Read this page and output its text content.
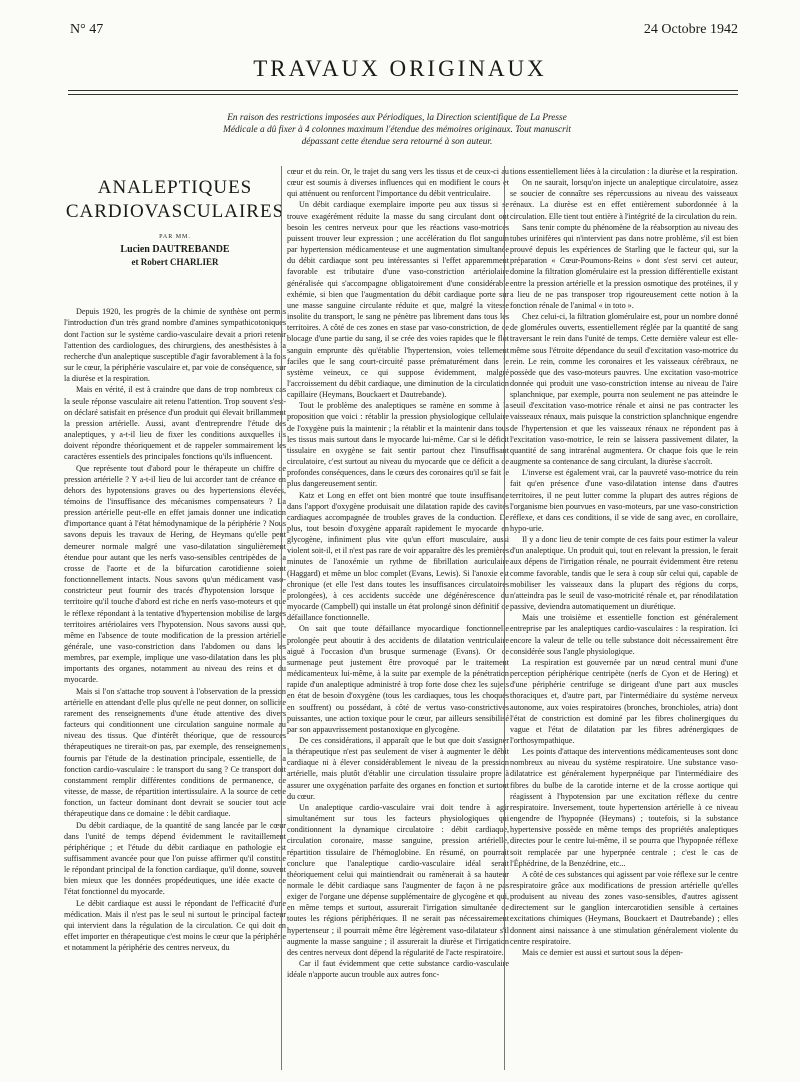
N° 47	24 Octobre 1942
TRAVAUX ORIGINAUX
En raison des restrictions imposées aux Périodiques, la Direction scientifique de La Presse Médicale a dû fixer à 4 colonnes maximum l'étendue des mémoires originaux. Tout manuscrit dépassant cette étendue sera retourné à son auteur.
ANALEPTIQUES
CARDIOVASCULAIRES
PAR MM.
Lucien DAUTREBANDE
et Robert CHARLIER

Depuis 1920, les progrès de la chimie de synthèse ont permis l'introduction d'un très grand nombre d'amines sympathicotoniques dont l'action sur le système cardio-vasculaire devait a priori retenir l'attention des cardiologues, des chirurgiens, des anesthésistes à la recherche d'un analeptique susceptible d'agir favorablement à la fois sur le cœur, la périphérie vasculaire et, par voie de conséquence, sur la diurèse et la respiration.

Mais en vérité, il est à craindre que dans de trop nombreux cas la seule réponse vasculaire ait retenu l'attention. Trop souvent s'est-on déclaré satisfait en présence d'un produit qui élevait brillamment la pression artérielle. Aussi, avant d'entreprendre l'étude des analeptiques, y a-t-il lieu de fixer les conditions auxquelles ils doivent répondre théoriquement et de rappeler sommairement les caractères essentiels des principales fonctions qu'ils influencent.

Que représente tout d'abord pour le thérapeute un chiffre de pression artérielle ? Y a-t-il lieu de lui accorder tant de créance en dehors des hypotensions graves ou des hypertensions élevées, témoins de l'insuffisance des mécanismes compensateurs ? La pression artérielle peut-elle en effet jamais donner une indication d'importance quant à l'état hémodynamique de la périphérie ? Nous savons depuis les travaux de Hering, de Heymans qu'elle peut demeurer normale malgré une vaso-dilatation singulièrement étendue pour autant que les nerfs vaso-sensibles centripèdes de la crosse de l'aorte et de la bifurcation carotidienne soient fonctionnellement intacts. Nous savons qu'un médicament vaso-constricteur peut fournir des tracés d'hypotension lorsque le territoire qu'il touche d'abord est riche en nerfs vaso-moteurs et que le réflexe répondant à la tentative d'hypertension mobilise de larges territoires artériolaires vers l'hypotension. Nous savons aussi que, même en l'absence de toute modification de la pression artérielle générale, une vaso-constriction dans l'abdomen ou dans les membres, par exemple, implique une vaso-dilatation dans les plus importants des organes, notamment au niveau des reins et du myocarde.

Mais si l'on s'attache trop souvent à l'observation de la pression artérielle en attendant d'elle plus qu'elle ne peut donner, on sollicite rarement des renseignements d'une étude attentive des divers facteurs qui conditionnent une circulation sanguine normale au niveau des tissus. Que d'intérêt théorique, que de ressources thérapeutiques ne tirerait-on pas, par exemple, des renseignements fournis par l'étude de la destination principale, essentielle, de la fonction cardio-vasculaire : le transport du sang ? Ce transport doit constamment remplir différentes conditions de permanence, de vitesse, de masse, de répartition intertissulaire. A la source de cette fonction, un facteur dominant dont devrait se soucier tout acte thérapeutique dans ce domaine : le débit cardiaque.

Du débit cardiaque, de la quantité de sang lancée par le cœur dans l'unité de temps dépend évidemment le ravitaillement périphérique ; et l'étude du débit cardiaque en pathologie est suffisamment avancée pour que l'on puisse affirmer qu'il constitue le répondant principal de la fonction cardiaque, qu'il donne, souvent bien mieux que les données propédeutiques, une idée exacte de l'état fonctionnel du myocarde.

Le débit cardiaque est aussi le répondant de l'efficacité d'une médication. Mais il n'est pas le seul ni surtout le principal facteur qui intervient dans la régulation de la circulation. Ce qui doit en effet importer en thérapeutique c'est moins le cœur que la périphérie et notamment la périphérie des centres nerveux, du

cœur et du rein. Or, le trajet du sang vers les tissus et de ceux-ci au cœur est soumis à diverses influences qui en modifient le cours et qui atténuent ou renforcent l'importance du débit ventriculaire.

Un débit cardiaque exemplaire importe peu aux tissus si se trouve exagérément réduite la masse du sang circulant dont ont besoin les centres nerveux pour que les réactions vaso-motrices puissent trouver leur expression ; une accélération du flot sanguin par hypertension médicamenteuse et une augmentation simultanée du débit cardiaque sont peu intéressantes si l'effet apparemment favorable est tributaire d'une vaso-constriction artériolaire généralisée qui s'accompagne obligatoirement d'une considérable exhémie, si bien que l'augmentation du débit cardiaque porte sur une masse sanguine circulante réduite et que, malgré la vitesse insolite du transport, le sang ne pénètre pas librement dans tous les territoires. A côté de ces zones en stase par vaso-constriction, de ce blocage d'une partie du sang, il se crée des voies rapides que le flot sanguin emprunte dès qu'établie l'hypertension, voies tellement faciles que le sang court-circuité passe prématurément dans le système veineux, ce qui suppose évidemment, malgré l'accroissement du débit cardiaque, une diminution de la circulation capillaire (Heymans, Bouckaert et Dautrebande).

Tout le problème des analeptiques se ramène en somme à la proposition que voici : rétablir la pression physiologique cellulaire de l'oxygène puis la maintenir ; la rétablir et la maintenir dans tous les tissus mais surtout dans le myocarde lui-même. Car si le déficit tissulaire en oxygène se fait sentir partout chez l'insuffisant circulatoire, c'est surtout au niveau du myocarde que ce déficit a de profondes conséquences, dans le cœurs des coronaires qu'il se fait le plus dangereusement sentir.

Katz et Long en effet ont bien montré que toute insuffisance dans l'apport d'oxygène produisait une dilatation rapide des cavités cardiaques accompagnée de troubles graves de la conduction. De plus, tout besoin d'oxygène apparaît rapidement le myocarde en glycogène, infiniment plus vite qu'un effort musculaire, aussi violent soit-il, et il n'est pas rare de voir apparaître dès les premières minutes de l'anoxémie un rythme de fibrillation auriculaire (Haggard) et même un bloc complet (Evans, Lewis). Si l'anoxie est chronique (et elle l'est dans toutes les insuffisances circulatoires prolongées), à ces accidents succède une dégénérescence du myocarde (Campbell) qui installe un état prolongé sinon définitif de défaillance fonctionnelle.

On sait que toute défaillance myocardique fonctionnelle prolongée peut aboutir à des accidents de dilatation ventriculaire aiguë à l'occasion d'un brusque surmenage (Evans). Or ce surmenage peut justement être provoqué par le traitement médicamenteux lui-même, à la suite par exemple de la pénétration rapide d'un analeptique administré à trop forte dose chez les sujets en état de besoin d'oxygène (tous les cardiaques, tous les choqués en souffrent) ou possédant, à côté de vertus vaso-constrictives puissantes, une action toxique pour le cœur, par ailleurs sensibilisé par son appauvrissement postanoxique en glycogène.

De ces considérations, il apparaît que le but que doit s'assigner la thérapeutique n'est pas seulement de viser à augmenter le débit cardiaque ni à élever considérablement le niveau de la pression artérielle, mais plutôt d'établir une circulation tissulaire propre à assurer une oxygénation parfaite des organes en fonction et surtout du cœur.

Un analeptique cardio-vasculaire vrai doit tendre à agir simultanément sur tous les facteurs physiologiques qui conditionnent la dynamique circulatoire : débit cardiaque, circulation coronaire, masse sanguine, pression artérielle, répartition tissulaire de l'hémoglobine. En résumé, on pourrait conclure que l'analeptique cardio-vasculaire idéal serait théoriquement celui qui maintiendrait ou ramènerait à sa hauteur normale le débit cardiaque sans l'augmenter de façon à ne pas exiger de l'organe une dépense supplémentaire de glycogène et qui, en même temps et surtout, assurerait l'irrigation simultanée de toutes les régions périphériques. Il ne serait pas nécessairement hypertenseur ; il pourrait même être légèrement vaso-dilatateur s'il augmente la masse sanguine ; il assurerait la diurèse et l'irrigation des centres nerveux dont dépend la régularité de l'acte respiratoire.

Car il faut évidemment que cette substance cardio-vasculaire idéale n'apporte aucun trouble aux autres fonc-

tions essentiellement liées à la circulation : la diurèse et la respiration.

On ne saurait, lorsqu'on injecte un analeptique circulatoire, assez se soucier de connaître ses répercussions au niveau des vaisseaux rénaux. La diurèse est en effet entièrement subordonnée à la circulation. Elle tient tout entière à l'intégrité de la circulation du rein.

Sans tenir compte du phénomène de la réabsorption au niveau des tubes urinifères qui n'intervient pas dans notre problème, s'il est bien prouvé depuis les expériences de Starling que le facteur qui, sur la préparation « Cœur-Poumons-Reins » dont s'est servi cet auteur, domine la filtration glomérulaire est la pression différentielle existant entre la pression artérielle et la pression osmotique des protéines, il y a lieu de ne pas transposer trop rigoureusement cette notion à la fonction rénale de l'animal « in toto ».

Chez celui-ci, la filtration glomérulaire est, pour un nombre donné de glomérules ouverts, essentiellement réglée par la quantité de sang traversant le rein dans l'unité de temps. Cette dernière valeur est elle-même sous l'étroite dépendance du seuil d'excitation vaso-motrice du rein. Le rein, comme les coronaires et les vaisseaux cérébraux, ne possède que des vaso-moteurs pauvres. Une excitation vaso-motrice donnée qui produit une vaso-constriction intense au niveau de l'aire splanchnique, par exemple, pourra non seulement ne pas atteindre le seuil d'excitation vaso-motrice rénale et ainsi ne pas contracter les vaisseaux rénaux, mais puisque la constriction splanchnique engendre de l'hypertension et que les vaisseaux rénaux ne répondent pas à l'excitation vaso-motrice, le rein se laissera passivement dilater, la quantité de sang intrarénal augmentera. Or chaque fois que le rein augmente sa contenance de sang circulant, la diurèse s'accroît.

L'inverse est également vrai, car la pauvreté vaso-motrice du rein fait qu'en présence d'une vaso-dilatation intense dans d'autres territoires, il ne peut lutter comme la plupart des autres régions de l'organisme bien pourvues en vaso-moteurs, par une vaso-constriction réflexe, et dans ces conditions, il se vide de sang avec, en corollaire, hypo-urie.

Il y a donc lieu de tenir compte de ces faits pour estimer la valeur d'un analeptique. Un produit qui, tout en relevant la pression, le ferait aux dépens de l'irrigation rénale, ne pourrait évidemment être retenu comme favorable, tandis que le sera à coup sûr celui qui, capable de mobiliser les vaisseaux dans la plupart des régions du corps, n'atteindra pas le seuil de vaso-motricité rénale et, par rénodilatation passive, deviendra automatiquement un diurétique.

Mais une troisième et essentielle fonction est généralement entreprise par les analeptiques cardio-vasculaires : la respiration. Ici encore la valeur de telle ou telle substance doit nécessairement être considérée sous l'angle physiologique.

La respiration est gouvernée par un nœud central muni d'une perception périphérique centripète (nerfs de Cyon et de Hering) et d'une périphérie centrifuge se dirigeant d'une part aux muscles thoraciques et, d'autre part, par l'intermédiaire du système nerveux autonome, aux voies respiratoires (bronches, bronchioles, atria) dont l'état de constriction est dominé par les fibres cholinergiques du vague et l'état de dilatation par les fibres adrénergiques de l'orthosympathique.

Les points d'attaque des interventions médicamenteuses sont donc nombreux au niveau du système respiratoire. Une substance vaso-dilatatrice est généralement hyperpnéique par l'intermédiaire des fibres du bulbe de la carotide interne et de la crosse aortique qui réagissent à l'hypotension par une excitation réflexe du centre respiratoire. Inversement, toute hypertension artérielle à ce niveau engendre de l'hypopnée (Heymans) ; toutefois, si la substance hypertensive possède en même temps des propriétés analeptiques directes pour le centre lui-même, il se pourra que l'hypopnée réflexe soit remplacée par une hyperpnée centrale ; c'est le cas de l'Éphédrine, de la Benzédrine, etc...

A côté de ces substances qui agissent par voie réflexe sur le centre respiratoire grâce aux modifications de pression artérielle qu'elles produisent au niveau des zones vaso-sensibles, d'autres agissent directement sur le ganglion intercarotidien sensible à certaines excitations chimiques (Heymans, Bouckaert et Dautrebande) ; elles donnent ainsi naissance à une stimulation généralement violente du centre respiratoire.

Mais ce dernier est aussi et surtout sous la dépen-
